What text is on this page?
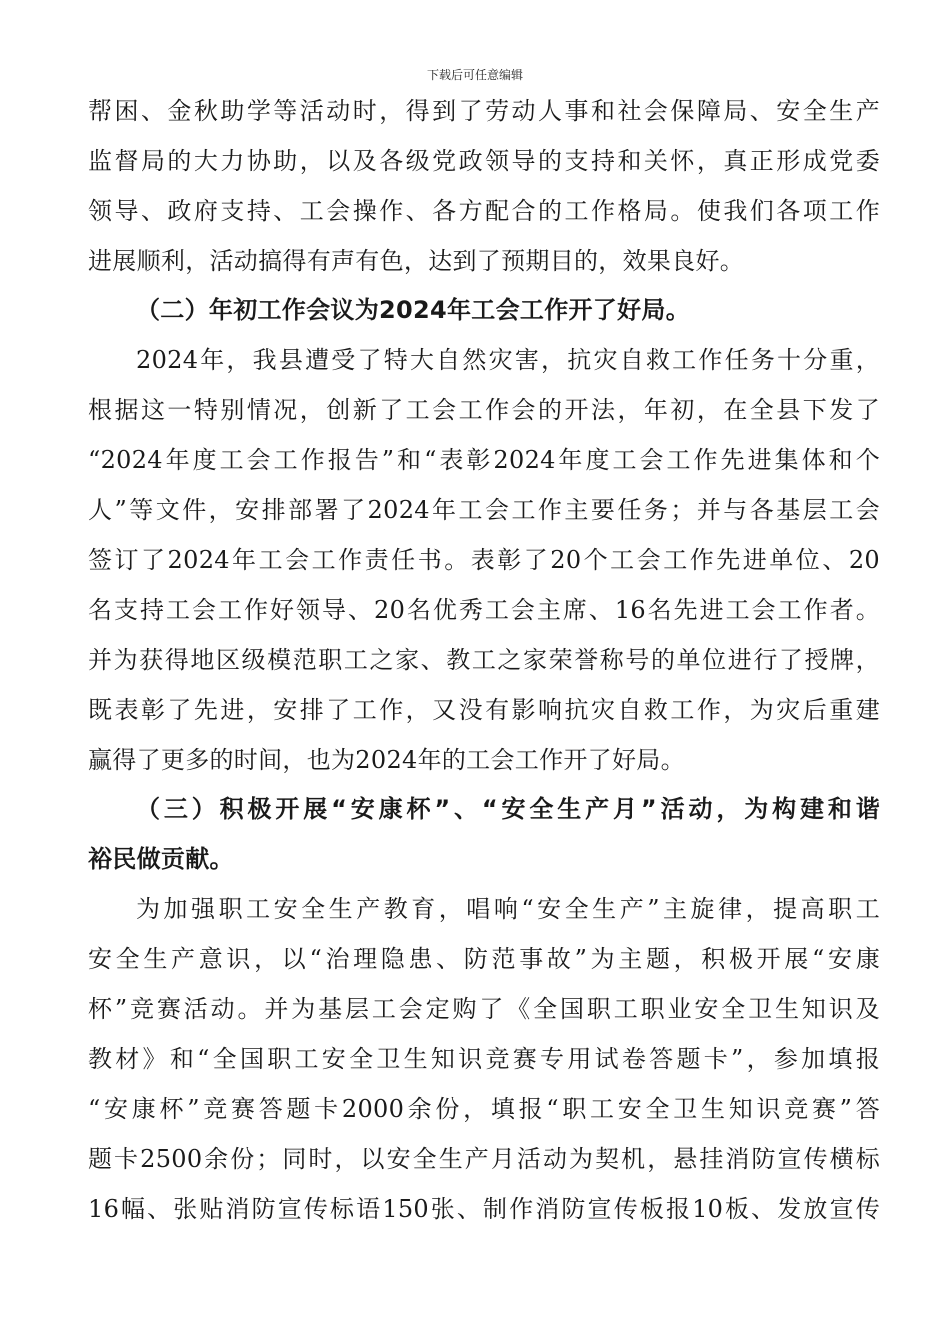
下载后可任意编辑
帮困、金秋助学等活动时，得到了劳动人事和社会保障局、安全生产
监督局的大力协助，以及各级党政领导的支持和关怀，真正形成党委
领导、政府支持、工会操作、各方配合的工作格局。使我们各项工作
进展顺利，活动搞得有声有色，达到了预期目的，效果良好。
（二）年初工作会议为2024年工会工作开了好局。
2024年，我县遭受了特大自然灾害，抗灾自救工作任务十分重，
根据这一特别情况，创新了工会工作会的开法，年初，在全县下发了
“2024年度工会工作报告”和“表彰2024年度工会工作先进集体和个
人”等文件，安排部署了2024年工会工作主要任务；并与各基层工会
签订了2024年工会工作责任书。表彰了20个工会工作先进单位、20
名支持工会工作好领导、20名优秀工会主席、16名先进工会工作者。
并为获得地区级模范职工之家、教工之家荣誉称号的单位进行了授牌，
既表彰了先进，安排了工作，又没有影响抗灾自救工作，为灾后重建
赢得了更多的时间，也为2024年的工会工作开了好局。
（三）积极开展“安康杯”、“安全生产月”活动，为构建和谐
裕民做贡献。
为加强职工安全生产教育，唱响“安全生产”主旋律，提高职工
安全生产意识，以“治理隐患、防范事故”为主题，积极开展“安康
杯”竞赛活动。并为基层工会定购了《全国职工职业安全卫生知识及
教材》和“全国职工安全卫生知识竞赛专用试卷答题卡”，参加填报
“安康杯”竞赛答题卡2000余份，填报“职工安全卫生知识竞赛”答
题卡2500余份；同时，以安全生产月活动为契机，悬挂消防宣传横标
16幅、张贴消防宣传标语150张、制作消防宣传板报10板、发放宣传
